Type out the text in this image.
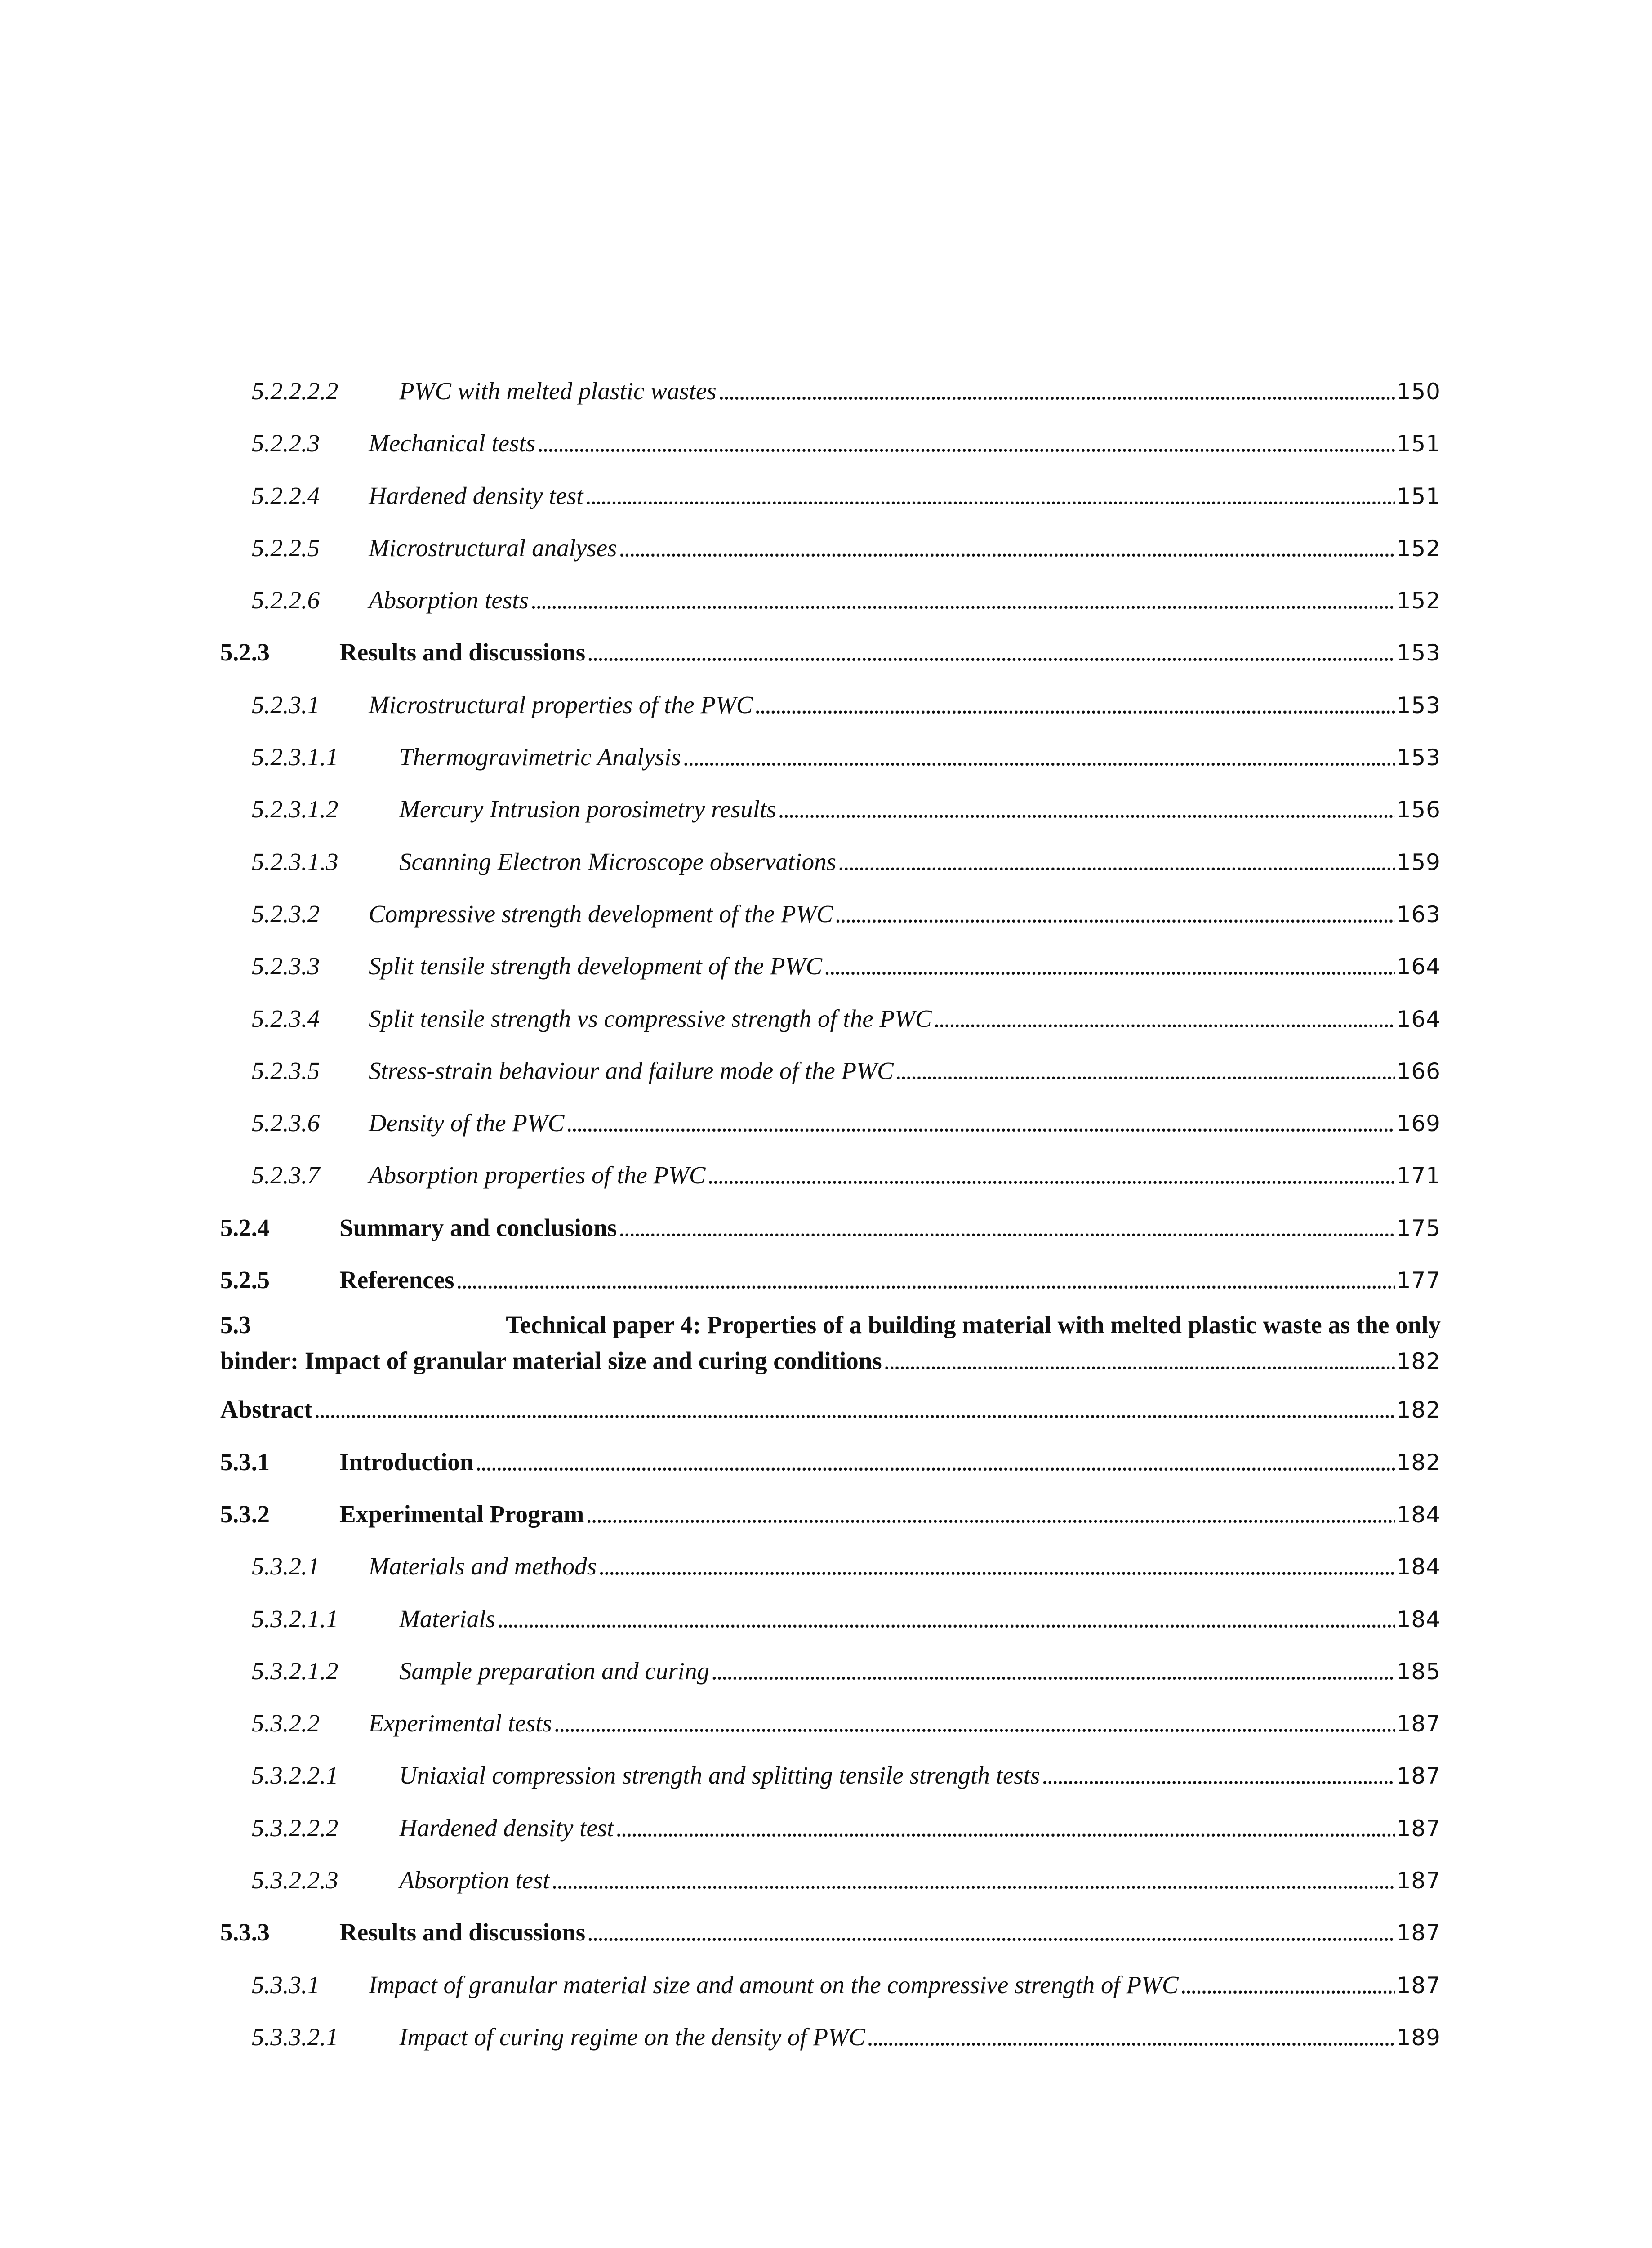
5.2.2.2.2 PWC with melted plastic wastes . . .	150
5.2.2.3 Mechanical tests . . .	151
5.2.2.4 Hardened density test . . .	151
5.2.2.5 Microstructural analyses . . .	152
5.2.2.6 Absorption tests . . .	152
5.2.3	Results and discussions . . .	153
5.2.3.1 Microstructural properties of the PWC . . .	153
5.2.3.1.1 Thermogravimetric Analysis . . .	153
5.2.3.1.2 Mercury Intrusion porosimetry results . . .	156
5.2.3.1.3 Scanning Electron Microscope observations . . .	159
5.2.3.2 Compressive strength development of the PWC . . .	163
5.2.3.3 Split tensile strength development of the PWC . . .	164
5.2.3.4 Split tensile strength vs compressive strength of the PWC . . .	164
5.2.3.5 Stress-strain behaviour and failure mode of the PWC . . .	166
5.2.3.6 Density of the PWC . . .	169
5.2.3.7 Absorption properties of the PWC . . .	171
5.2.4	Summary and conclusions . . .	175
5.2.5	References . . .	177
5.3	Technical paper 4: Properties of a building material with melted plastic waste as the only
binder: Impact of granular material size and curing conditions . . .	182
Abstract . . .	182
5.3.1	Introduction . . .	182
5.3.2	Experimental Program . . .	184
5.3.2.1 Materials and methods . . .	184
5.3.2.1.1 Materials . . .	184
5.3.2.1.2 Sample preparation and curing . . .	185
5.3.2.2 Experimental tests . . .	187
5.3.2.2.1 Uniaxial compression strength and splitting tensile strength tests . . .	187
5.3.2.2.2 Hardened density test . . .	187
5.3.2.2.3 Absorption test . . .	187
5.3.3	Results and discussions . . .	187
5.3.3.1 Impact of granular material size and amount on the compressive strength of PWC . . .	187
5.3.3.2.1 Impact of curing regime on the density of PWC . . .	189
